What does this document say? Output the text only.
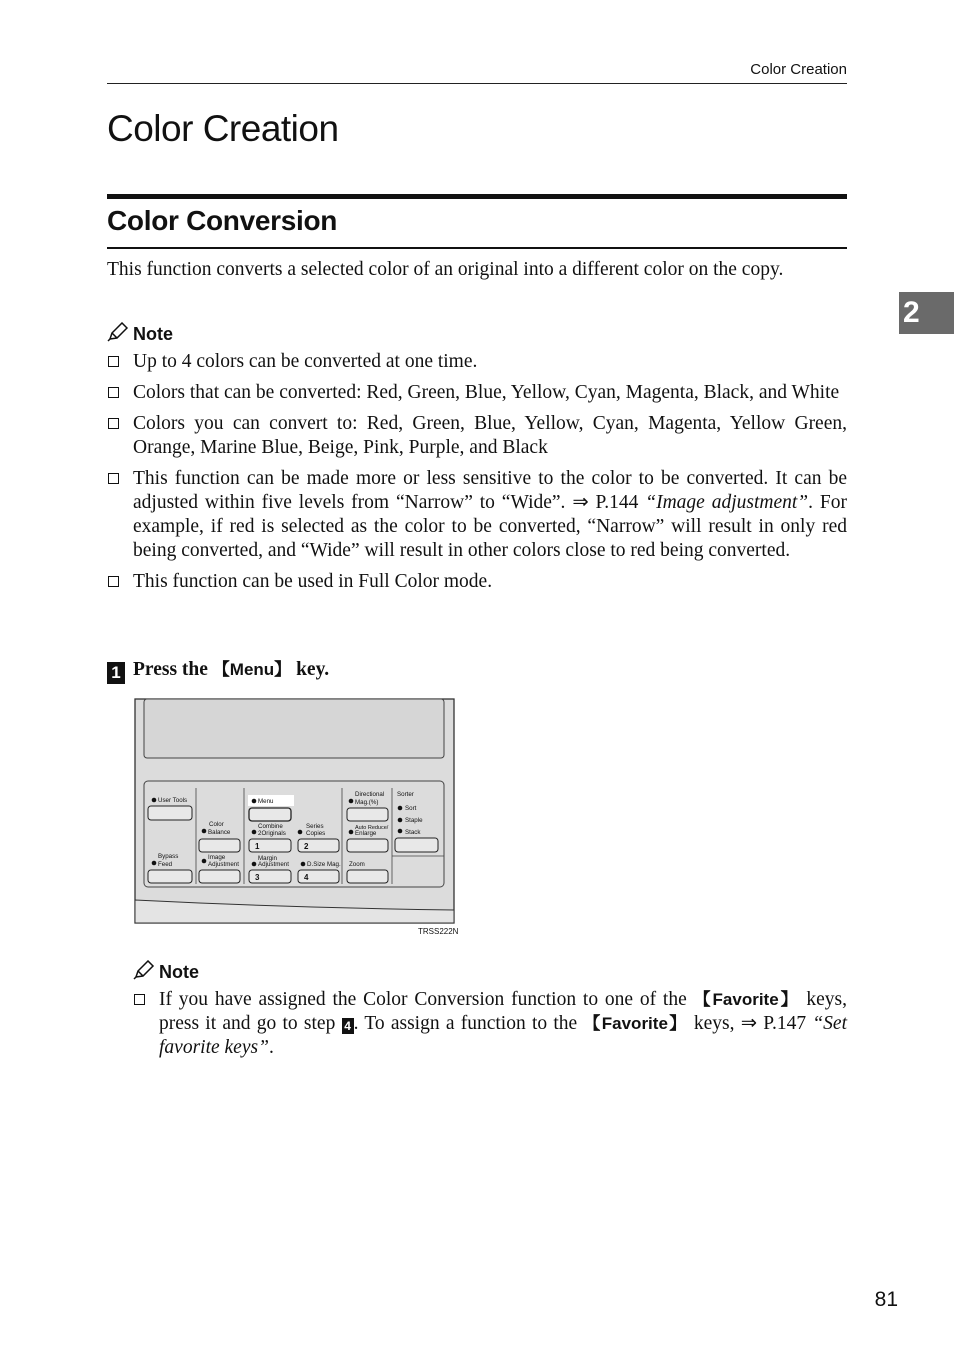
Color Creation
Color Creation
Color Conversion
2
This function converts a selected color of an original into a different color on the copy.
Note
Up to 4 colors can be converted at one time.
Colors that can be converted: Red, Green, Blue, Yellow, Cyan, Magenta, Black, and White
Colors you can convert to: Red, Green, Blue, Yellow, Cyan, Magenta, Yellow Green, Orange, Marine Blue, Beige, Pink, Purple, and Black
This function can be made more or less sensitive to the color to be converted. It can be adjusted within five levels from “Narrow” to “Wide”. ⇒ P.144 “Image adjustment”. For example, if red is selected as the color to be converted, “Narrow” will result in only red being converted, and “Wide” will result in other colors close to red being converted.
This function can be used in Full Color mode.
1 Press the 【Menu】 key.
User Tools
Color
Balance
Bypass
Feed
Image
Adjustment
Menu
Combine
2Originals
1
Series
Copies
2
Margin
Adjustment
3
D.Size Mag.
4
Directional
Mag.(%)
Auto Reduce/
Enlarge
Zoom
Sorter
Sort
Staple
Stack
TRSS222N
Note
If you have assigned the Color Conversion function to one of the 【Favorite】 keys, press it and go to step 4 . To assign a function to the 【Favorite】 keys, ⇒ P.147 “Set favorite keys”.
81
